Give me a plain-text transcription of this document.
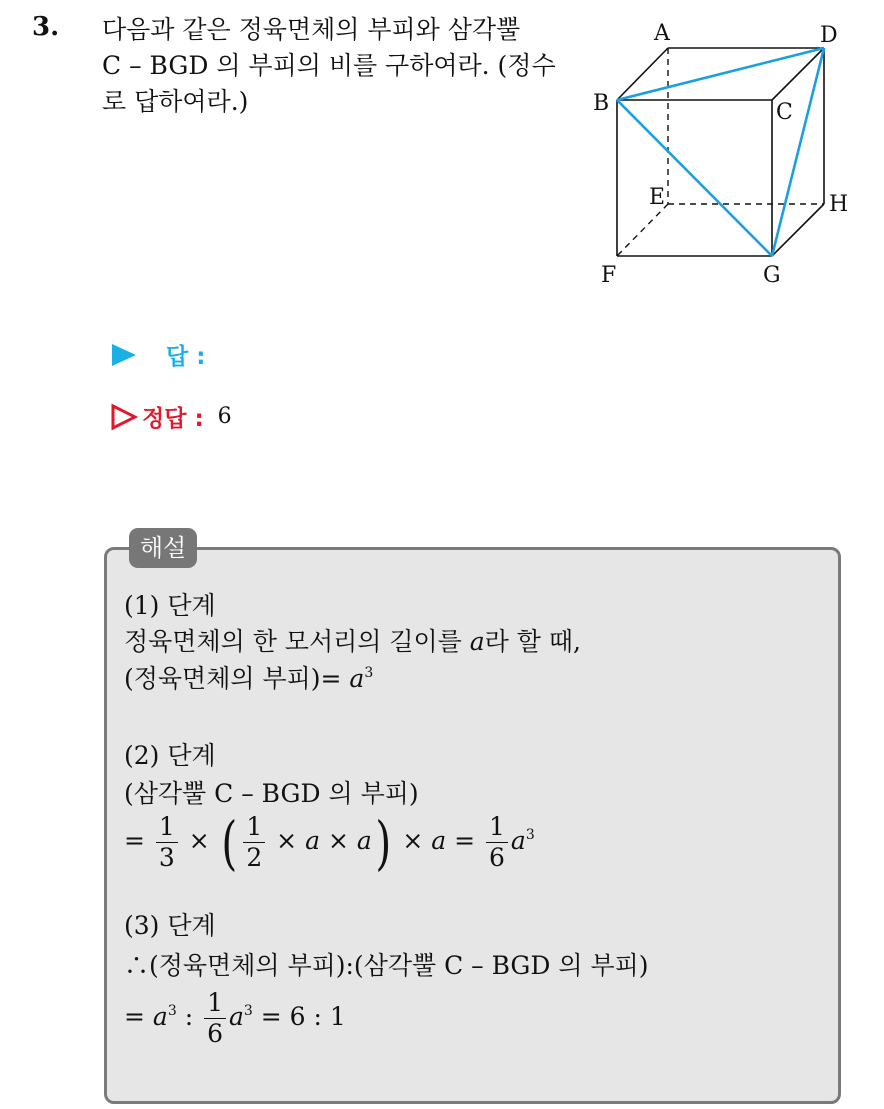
3. 다음과 같은 정육면체의 부피와 삼각뿔
C – BGD 의 부피의 비를 구하여라. (정수
로 답하여라.)
A	D
B	C
E	H
F	G
답 :
정답 : 6
해설
(1) 단계
정육면체의 한 모서리의 길이를 a라 할 때,
(정육면체의 부피)= $a^3$
(2) 단계
(삼각뿔 C – BGD 의 부피)
= $\frac{1}{3}$ × ( $\frac{1}{2} \times a \times a) \times a = \frac{1}{6} a^3$
(3) 단계
∴(정육면체의 부피):(삼각뿔 C – BGD 의 부피)
= $a^3$ : $\frac{1}{6} a^3 = 6$ : 1
